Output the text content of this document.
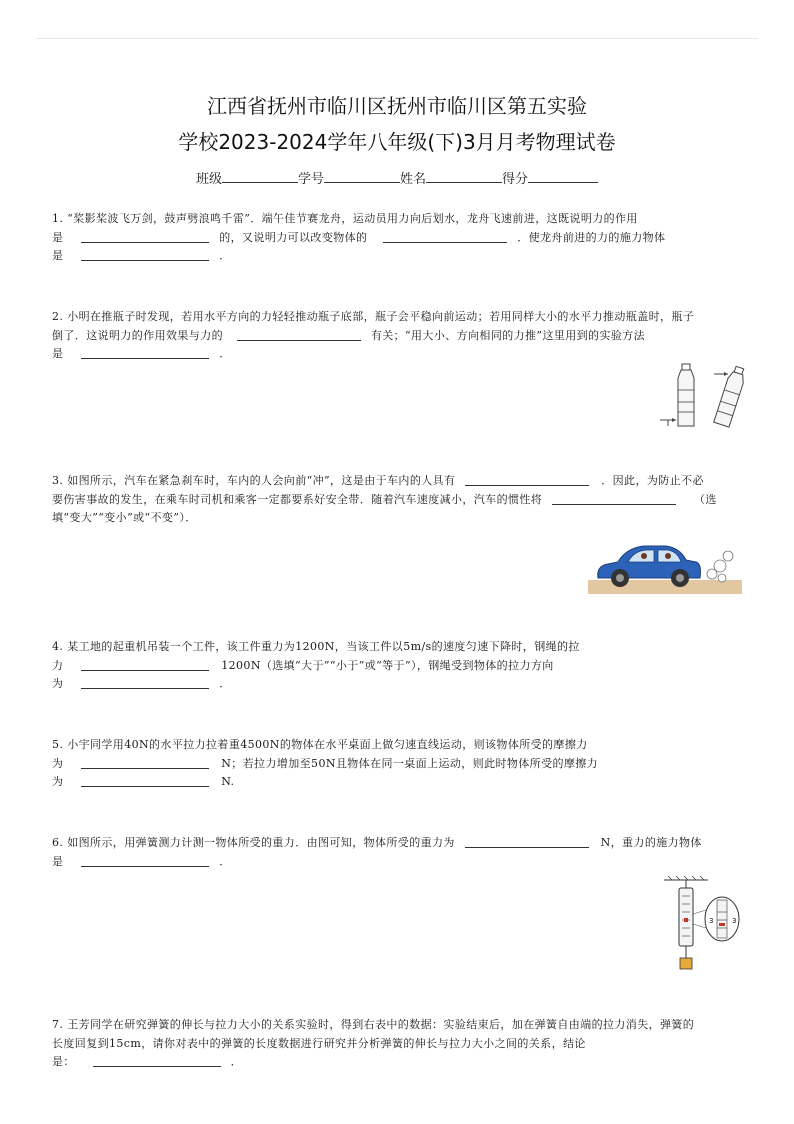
江西省抚州市临川区抚州市临川区第五实验
学校2023-2024学年八年级(下)3月月考物理试卷
班级	学号	姓名	得分
1. “桨影桨波飞万剑，鼓声劈浪鸣千雷”．端午佳节赛龙舟，运动员用力向后划水，龙舟飞速前进，这既说明力的作用
是	的，又说明力可以改变物体的	．使龙舟前进的力的施力物体
是	．
2. 小明在推瓶子时发现，若用水平方向的力轻轻推动瓶子底部，瓶子会平稳向前运动；若用同样大小的水平力推动瓶盖时，瓶子
倒了．这说明力的作用效果与力的	有关；“用大小、方向相同的力推”这里用到的实验方法
是	．
3. 如图所示，汽车在紧急刹车时，车内的人会向前“冲”，这是由于车内的人具有	．因此，为防止不必
要伤害事故的发生，在乘车时司机和乘客一定都要系好安全带．随着汽车速度减小，汽车的惯性将	（选
填“变大”“变小”或“不变”）．
4. 某工地的起重机吊装一个工件，该工件重力为1200N，当该工件以5m/s的速度匀速下降时，钢绳的拉
力	1200N（选填“大于”“小于”或“等于”），钢绳受到物体的拉力方向
为	．
5. 小宇同学用40N的水平拉力拉着重4500N的物体在水平桌面上做匀速直线运动，则该物体所受的摩擦力
为	N；若拉力增加至50N且物体在同一桌面上运动，则此时物体所受的摩擦力
为	N.
6. 如图所示，用弹簧测力计测一物体所受的重力．由图可知，物体所受的重力为	N，重力的施力物体
是	．
3	3
7. 王芳同学在研究弹簧的伸长与拉力大小的关系实验时，得到右表中的数据：实验结束后，加在弹簧自由端的拉力消失，弹簧的
长度回复到15cm，请你对表中的弹簧的长度数据进行研究并分析弹簧的伸长与拉力大小之间的关系，结论
是：	．
